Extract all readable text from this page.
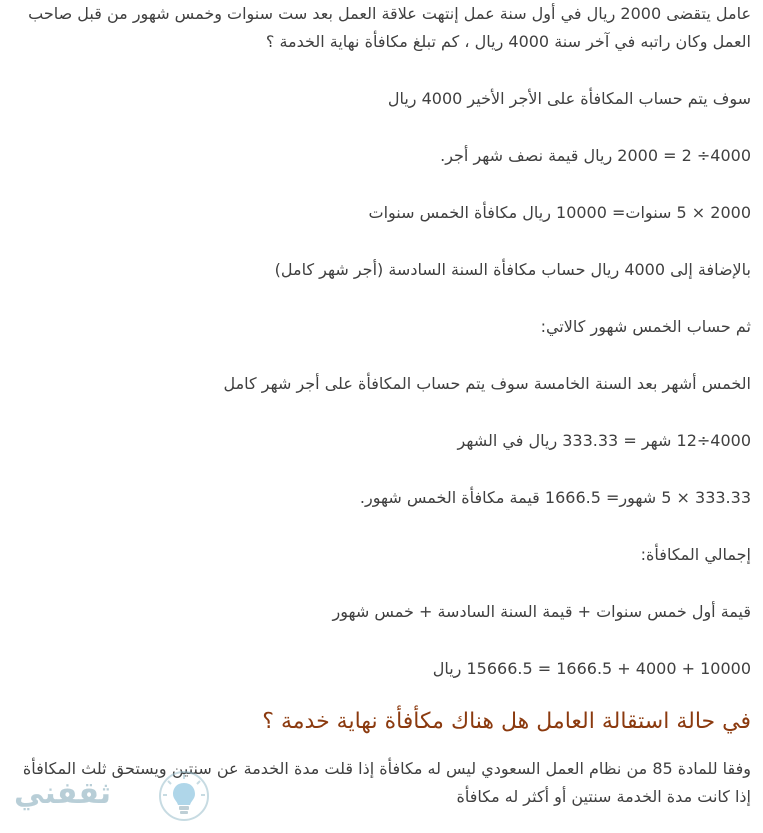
عامل يتقضى 2000 ريال في أول سنة عمل إنتهت علاقة العمل بعد ست سنوات وخمس شهور من قبل صاحب العمل وكان راتبه في آخر سنة 4000 ريال ، كم تبلغ مكافأة نهاية الخدمة ؟

سوف يتم حساب المكافأة على الأجر الأخير 4000 ريال

4000÷ 2 = 2000 ريال قيمة نصف شهر أجر.

2000 × 5 سنوات= 10000 ريال مكافأة الخمس سنوات

بالإضافة إلى 4000 ريال حساب مكافأة السنة السادسة (أجر شهر كامل)

ثم حساب الخمس شهور كالاتي:

الخمس أشهر بعد السنة الخامسة سوف يتم حساب المكافأة على أجر شهر كامل

4000÷12 شهر = 333.33 ريال في الشهر

333.33 × 5 شهور= 1666.5 قيمة مكافأة الخمس شهور.

إجمالي المكافأة:

قيمة أول خمس سنوات + قيمة السنة السادسة + خمس شهور

10000 + 4000 + 1666.5 = 15666.5 ريال

في حالة استقالة العامل هل هناك مكأفأة نهاية خدمة ؟

وفقا للمادة 85 من نظام العمل السعودي ليس له مكافأة إذا قلت مدة الخدمة عن سنتين ويستحق ثلث المكافأة إذا كانت مدة الخدمة سنتين أو أكثر له مكافأة

ثقفني
